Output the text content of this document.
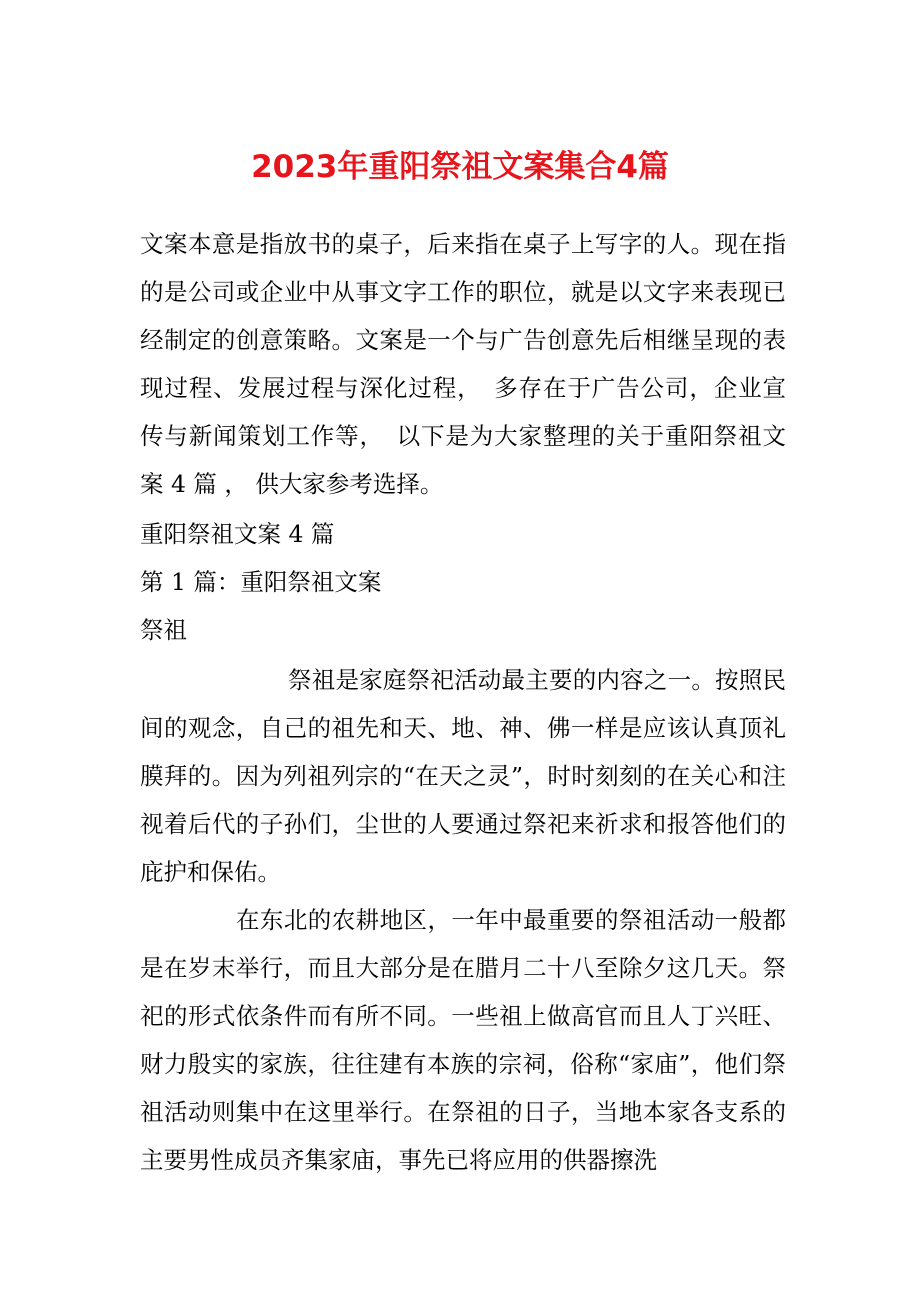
2023年重阳祭祖文案集合4篇

文案本意是指放书的桌子，后来指在桌子上写字的人。现在指的是公司或企业中从事文字工作的职位，就是以文字来表现已经制定的创意策略。文案是一个与广告创意先后相继呈现的表现过程、发展过程与深化过程，　多存在于广告公司，企业宣传与新闻策划工作等，　以下是为大家整理的关于重阳祭祖文案 4 篇 ， 供大家参考选择。

重阳祭祖文案 4 篇

第 1 篇：重阳祭祖文案

祭祖

祭祖是家庭祭祀活动最主要的内容之一。按照民间的观念，自己的祖先和天、地、神、佛一样是应该认真顶礼膜拜的。因为列祖列宗的“在天之灵”，时时刻刻的在关心和注视着后代的子孙们，尘世的人要通过祭祀来祈求和报答他们的庇护和保佑。

在东北的农耕地区，一年中最重要的祭祖活动一般都是在岁末举行，而且大部分是在腊月二十八至除夕这几天。祭祀的形式依条件而有所不同。一些祖上做高官而且人丁兴旺、财力殷实的家族，往往建有本族的宗祠，俗称“家庙”，他们祭祖活动则集中在这里举行。在祭祖的日子，当地本家各支系的主要男性成员齐集家庙，事先已将应用的供器擦洗
